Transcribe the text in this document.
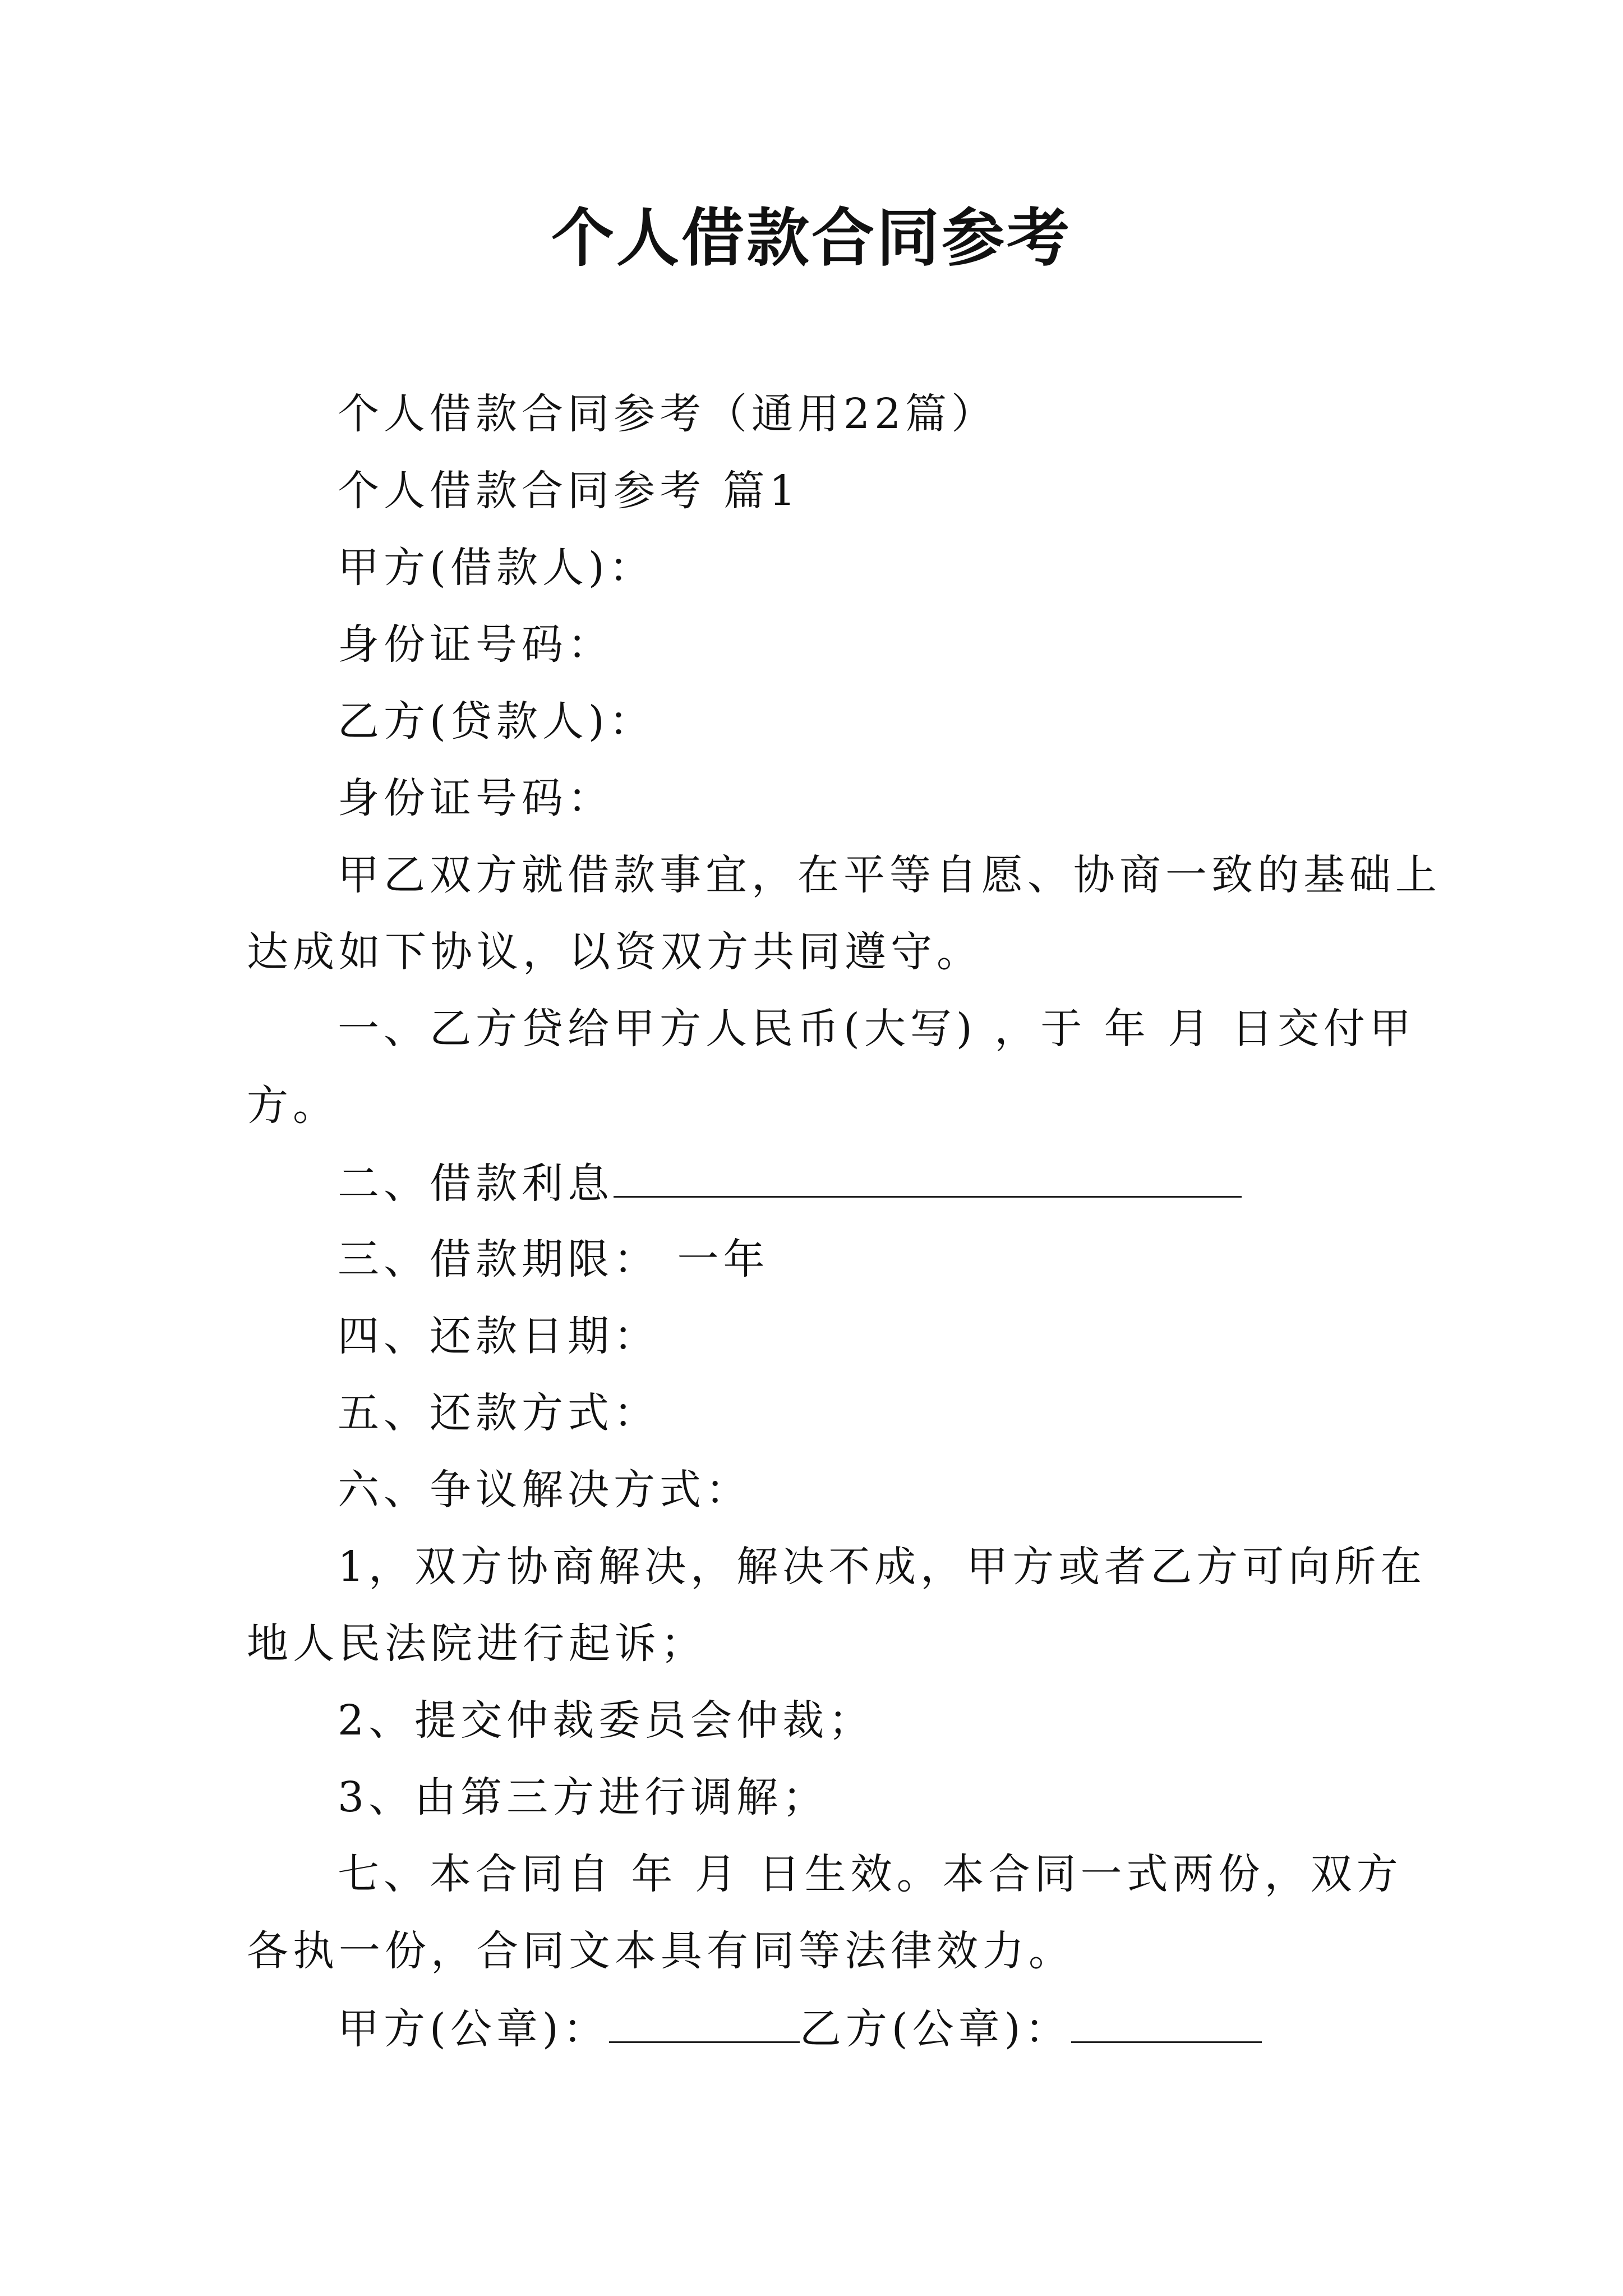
个人借款合同参考

个人借款合同参考（通用22篇）

个人借款合同参考 篇1

甲方(借款人)：

身份证号码：

乙方(贷款人)：

身份证号码：

甲乙双方就借款事宜，在平等自愿、协商一致的基础上

达成如下协议，以资双方共同遵守。

一、乙方贷给甲方人民币(大写) ，于 年 月 日交付甲

方。

二、借款利息

三、借款期限： 一年

四、还款日期：

五、还款方式：

六、争议解决方式：

1，双方协商解决，解决不成，甲方或者乙方可向所在

地人民法院进行起诉；

2、提交仲裁委员会仲裁；

3、由第三方进行调解；

七、本合同自 年 月 日生效。本合同一式两份，双方

各执一份，合同文本具有同等法律效力。

甲方(公章)：	乙方(公章)：
